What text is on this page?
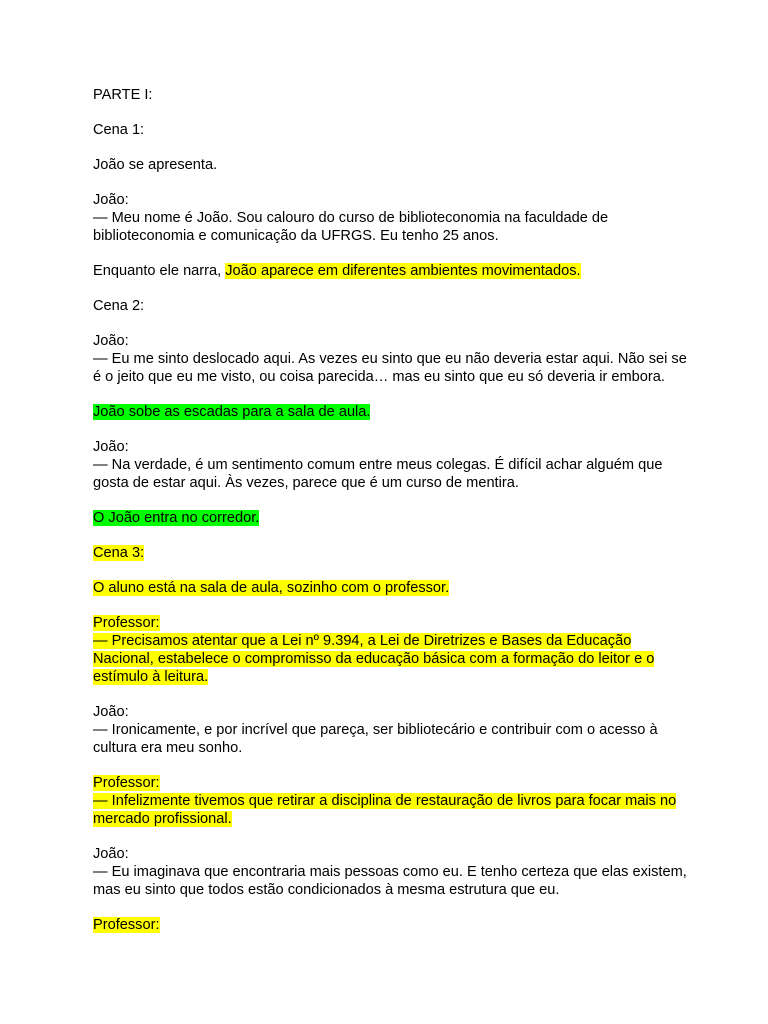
PARTE I:

Cena 1:

João se apresenta.

João:
— Meu nome é João. Sou calouro do curso de biblioteconomia na faculdade de
biblioteconomia e comunicação da UFRGS. Eu tenho 25 anos.

Enquanto ele narra, João aparece em diferentes ambientes movimentados.

Cena 2:

João:
— Eu me sinto deslocado aqui. As vezes eu sinto que eu não deveria estar aqui. Não sei se
é o jeito que eu me visto, ou coisa parecida… mas eu sinto que eu só deveria ir embora.

João sobe as escadas para a sala de aula.

João:
— Na verdade, é um sentimento comum entre meus colegas. É difícil achar alguém que
gosta de estar aqui. Às vezes, parece que é um curso de mentira.

O João entra no corredor.

Cena 3:

O aluno está na sala de aula, sozinho com o professor.

Professor:
— Precisamos atentar que a Lei nº 9.394, a Lei de Diretrizes e Bases da Educação
Nacional, estabelece o compromisso da educação básica com a formação do leitor e o
estímulo à leitura.

João:
— Ironicamente, e por incrível que pareça, ser bibliotecário e contribuir com o acesso à
cultura era meu sonho.

Professor:
— Infelizmente tivemos que retirar a disciplina de restauração de livros para focar mais no
mercado profissional.

João:
— Eu imaginava que encontraria mais pessoas como eu. E tenho certeza que elas existem,
mas eu sinto que todos estão condicionados à mesma estrutura que eu.

Professor:
